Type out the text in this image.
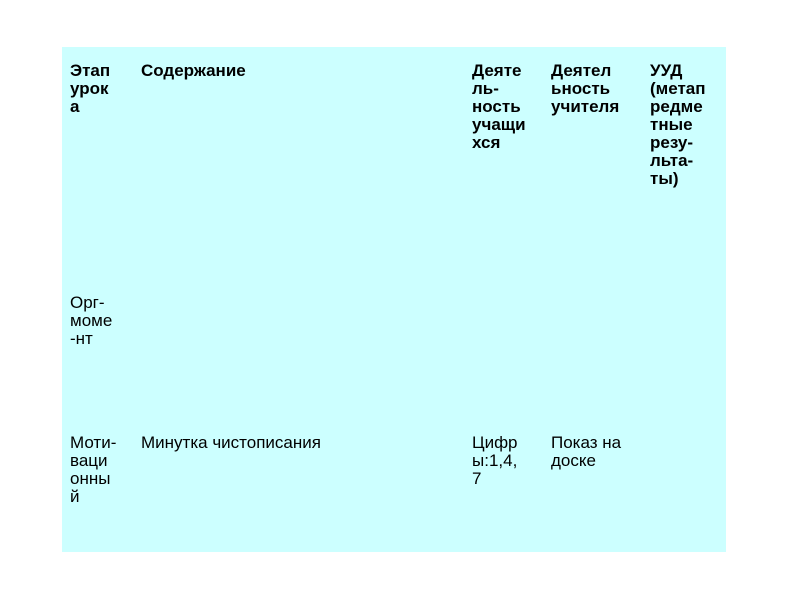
Этап
урок
а
Содержание	Деяте
ль-
ность
учащи
хся
Деятел
ьность
учителя
УУД
(метап
редме
тные
резу-
льта-
ты)
Орг-
моме
-нт
Моти-
ваци
онны
й
Минутка чистописания	Цифр
ы:1,4,
7
Показ на
доске
